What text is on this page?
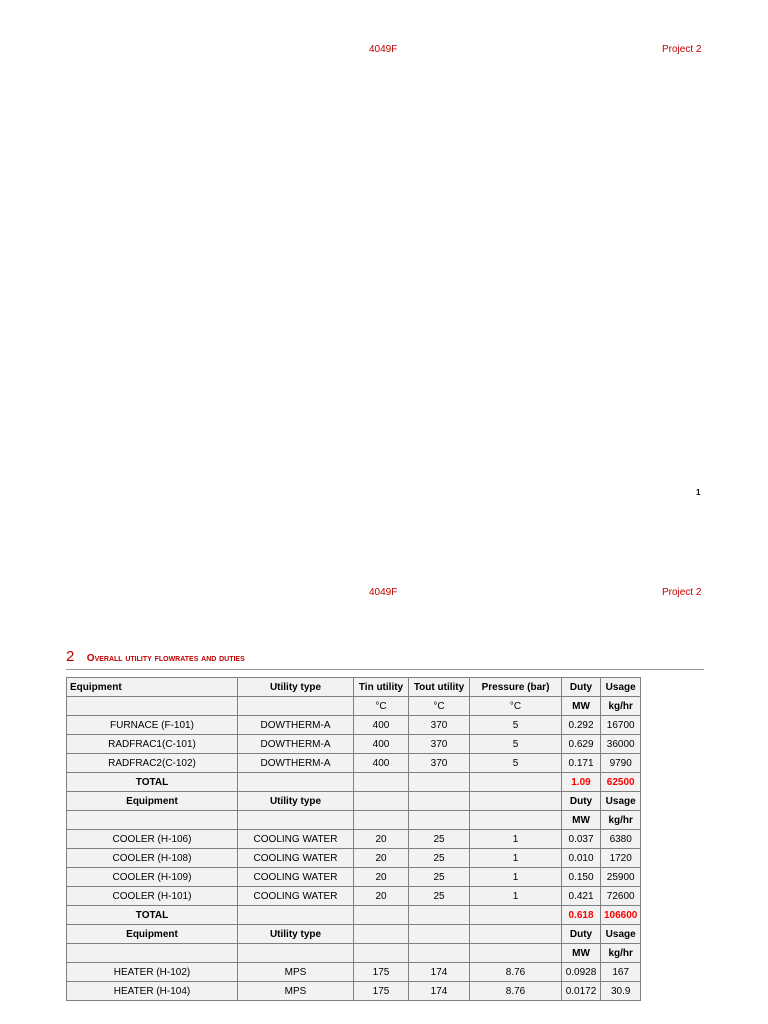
4049F	Project 2
1
4049F	Project 2
2 Overall utility flowrates and duties
Equipment	Utility type	Tin utility	Tout utility	Pressure (bar)	Duty	Usage
		°C	°C	°C	MW	kg/hr
FURNACE (F-101)	DOWTHERM-A	400	370	5	0.292	16700
RADFRAC1(C-101)	DOWTHERM-A	400	370	5	0.629	36000
RADFRAC2(C-102)	DOWTHERM-A	400	370	5	0.171	9790
TOTAL					1.09	62500
Equipment	Utility type				Duty	Usage
					MW	kg/hr
COOLER (H-106)	COOLING WATER	20	25	1	0.037	6380
COOLER (H-108)	COOLING WATER	20	25	1	0.010	1720
COOLER (H-109)	COOLING WATER	20	25	1	0.150	25900
COOLER (H-101)	COOLING WATER	20	25	1	0.421	72600
TOTAL					0.618	106600
Equipment	Utility type				Duty	Usage
					MW	kg/hr
HEATER (H-102)	MPS	175	174	8.76	0.0928	167
HEATER (H-104)	MPS	175	174	8.76	0.0172	30.9
